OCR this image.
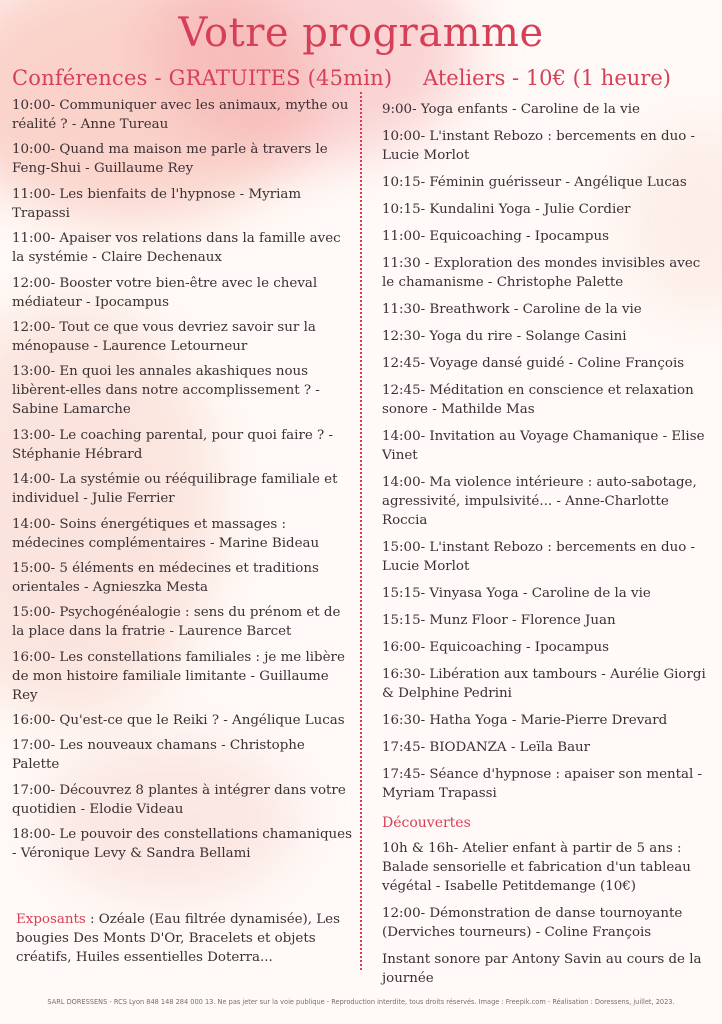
Votre programme
Conférences - GRATUITES (45min)
10:00- Communiquer avec les animaux, mythe ou réalité ? - Anne Tureau
10:00- Quand ma maison me parle à travers le Feng-Shui - Guillaume Rey
11:00- Les bienfaits de l'hypnose - Myriam Trapassi
11:00- Apaiser vos relations dans la famille avec la systémie - Claire Dechenaux
12:00- Booster votre bien-être avec le cheval médiateur - Ipocampus
12:00- Tout ce que vous devriez savoir sur la ménopause - Laurence Letourneur
13:00- En quoi les annales akashiques nous libèrent-elles dans notre accomplissement ? - Sabine Lamarche
13:00- Le coaching parental, pour quoi faire ? - Stéphanie Hébrard
14:00- La systémie ou rééquilibrage familiale et individuel - Julie Ferrier
14:00- Soins énergétiques et massages : médecines complémentaires - Marine Bideau
15:00- 5 éléments en médecines et traditions orientales - Agnieszka Mesta
15:00- Psychogénéalogie : sens du prénom et de la place dans la fratrie - Laurence Barcet
16:00- Les constellations familiales : je me libère de mon histoire familiale limitante - Guillaume Rey
16:00- Qu'est-ce que le Reiki ? - Angélique Lucas
17:00- Les nouveaux chamans - Christophe Palette
17:00- Découvrez 8 plantes à intégrer dans votre quotidien - Elodie Videau
18:00- Le pouvoir des constellations chamaniques - Véronique Levy & Sandra Bellami
Ateliers - 10€ (1 heure)
9:00- Yoga enfants - Caroline de la vie
10:00- L'instant Rebozo : bercements en duo - Lucie Morlot
10:15- Féminin guérisseur - Angélique Lucas
10:15- Kundalini Yoga - Julie Cordier
11:00- Equicoaching - Ipocampus
11:30 - Exploration des mondes invisibles avec le chamanisme - Christophe Palette
11:30- Breathwork - Caroline de la vie
12:30- Yoga du rire - Solange Casini
12:45- Voyage dansé guidé - Coline François
12:45- Méditation en conscience et relaxation sonore - Mathilde Mas
14:00- Invitation au Voyage Chamanique - Elise Vinet
14:00- Ma violence intérieure : auto-sabotage, agressivité, impulsivité... - Anne-Charlotte Roccia
15:00- L'instant Rebozo : bercements en duo - Lucie Morlot
15:15- Vinyasa Yoga - Caroline de la vie
15:15- Munz Floor - Florence Juan
16:00- Equicoaching - Ipocampus
16:30- Libération aux tambours - Aurélie Giorgi & Delphine Pedrini
16:30- Hatha Yoga - Marie-Pierre Drevard
17:45- BIODANZA - Leïla Baur
17:45- Séance d'hypnose : apaiser son mental - Myriam Trapassi
Découvertes
10h & 16h- Atelier enfant à partir de 5 ans : Balade sensorielle et fabrication d'un tableau végétal - Isabelle Petitdemange (10€)
12:00- Démonstration de danse tournoyante (Derviches tourneurs) - Coline François
Instant sonore par Antony Savin au cours de la journée
Exposants : Ozéale (Eau filtrée dynamisée), Les bougies Des Monts D'Or, Bracelets et objets créatifs, Huiles essentielles Doterra...
SARL DORESSENS - RCS Lyon 848 148 284 000 13. Ne pas jeter sur la voie publique - Reproduction interdite, tous droits réservés. Image : Freepik.com - Réalisation : Doressens, juillet, 2023.
